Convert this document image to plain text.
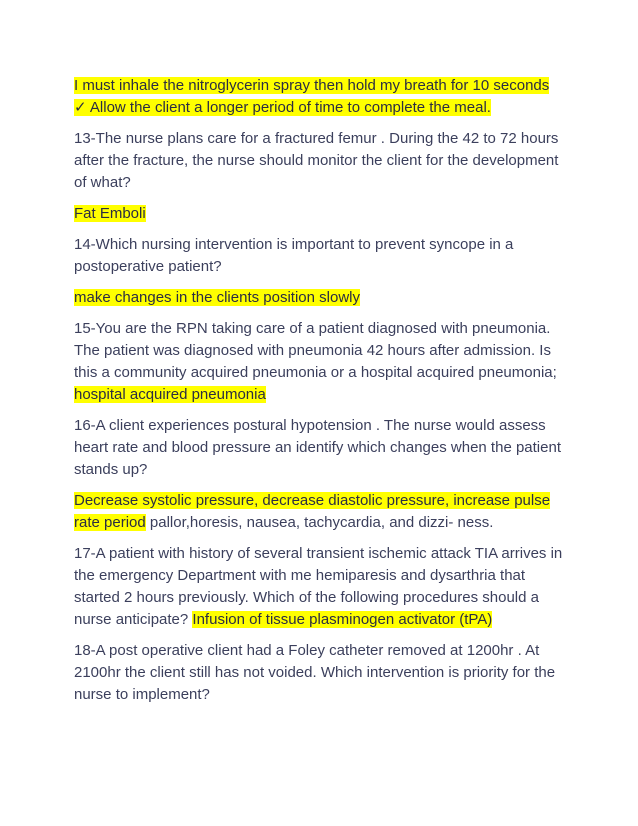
I must inhale the nitroglycerin spray then hold my breath for 10 seconds

✓ Allow the client a longer period of time to complete the meal.

13-The nurse plans care for a fractured femur . During the 42 to 72 hours after the fracture, the nurse should monitor the client for the development of what?

Fat Emboli

14-Which nursing intervention is important to prevent syncope in a postoperative patient?

make changes in the clients position slowly

15-You are the RPN taking care of a patient diagnosed with pneumonia. The patient was diagnosed with pneumonia 42 hours after admission. Is this a community acquired pneumonia or a hospital acquired pneumonia; hospital acquired pneumonia

16-A client experiences postural hypotension . The nurse would assess heart rate and blood pressure an identify which changes when the patient stands up?

Decrease systolic pressure, decrease diastolic pressure, increase pulse rate period pallor,horesis, nausea, tachycardia, and dizzi- ness.

17-A patient with history of several transient ischemic attack TIA arrives in the emergency Department with me hemiparesis and dysarthria that started 2 hours previously. Which of the following procedures should a nurse anticipate? Infusion of tissue plasminogen activator (tPA)

18-A post operative client had a Foley catheter removed at 1200hr . At 2100hr the client still has not voided. Which intervention is priority for the nurse to implement?
